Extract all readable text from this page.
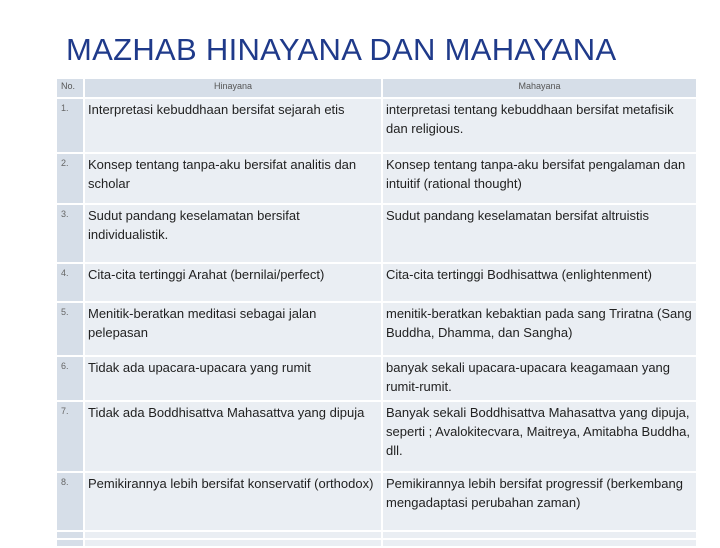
MAZHAB HINAYANA DAN MAHAYANA
No.	Hinayana	Mahayana
1.	Interpretasi kebuddhaan bersifat sejarah etis	interpretasi tentang kebuddhaan bersifat metafisik dan religious.
2.	Konsep tentang tanpa-aku bersifat analitis dan scholar	Konsep tentang tanpa-aku bersifat pengalaman dan intuitif (rational thought)
3.	Sudut pandang keselamatan bersifat individualistik.	Sudut pandang keselamatan bersifat altruistis
4.	Cita-cita tertinggi Arahat (bernilai/perfect)	Cita-cita tertinggi Bodhisattwa (enlightenment)
5.	Menitik-beratkan meditasi sebagai jalan pelepasan	menitik-beratkan kebaktian pada sang Triratna (Sang Buddha, Dhamma, dan Sangha)
6.	Tidak ada upacara-upacara yang rumit	banyak sekali upacara-upacara keagamaan yang rumit-rumit.
7.	Tidak ada Boddhisattva Mahasattva yang dipuja	Banyak sekali Boddhisattva Mahasattva yang dipuja, seperti ; Avalokitecvara, Maitreya, Amitabha Buddha, dll.
8.	Pemikirannya lebih bersifat konservatif (orthodox)	Pemikirannya lebih bersifat progressif (berkembang mengadaptasi perubahan zaman)
